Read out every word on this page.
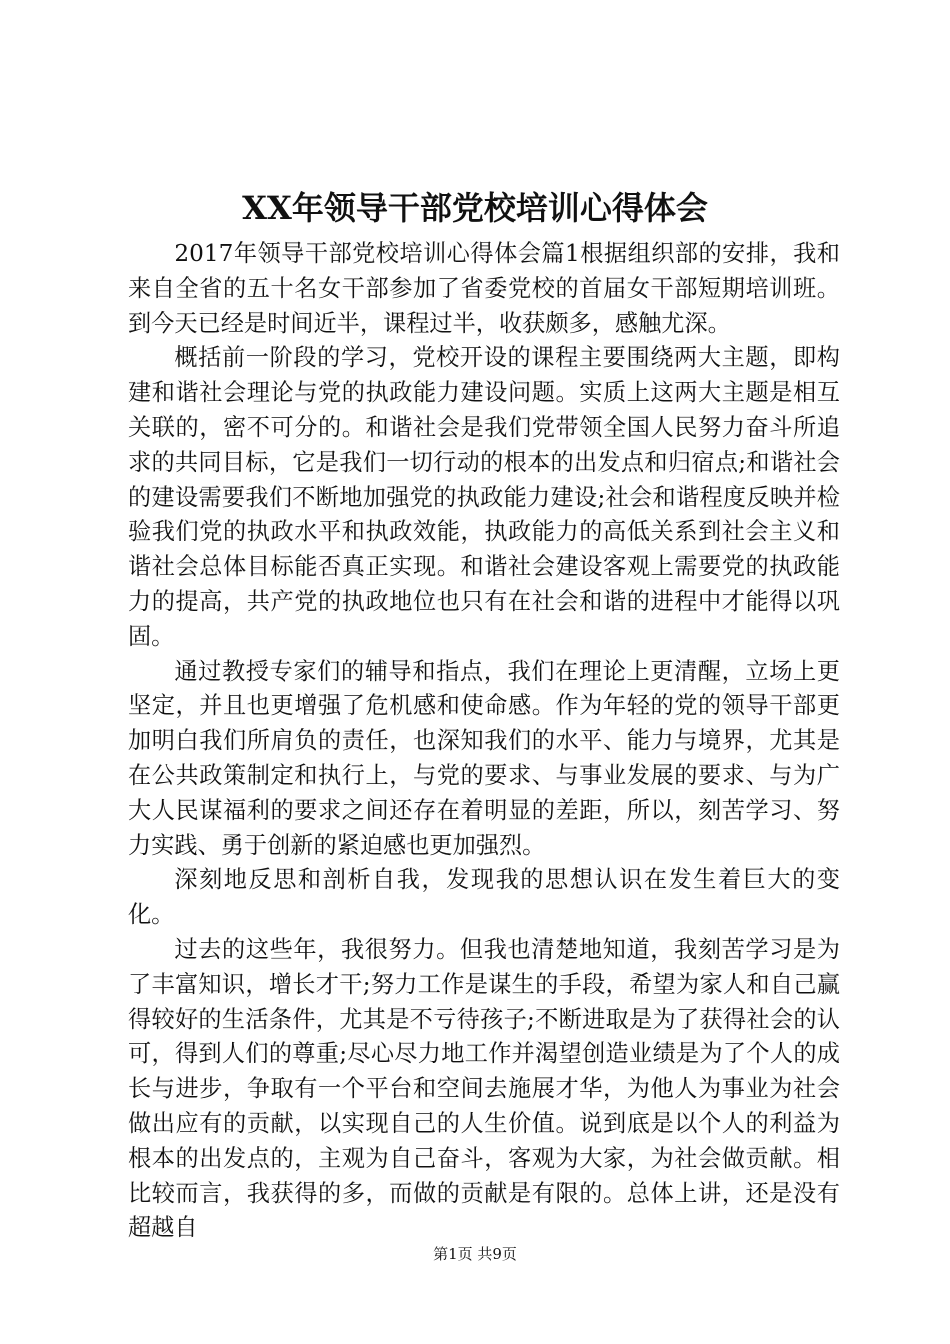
XX年领导干部党校培训心得体会

2017年领导干部党校培训心得体会篇1根据组织部的安排，我和来自全省的五十名女干部参加了省委党校的首届女干部短期培训班。到今天已经是时间近半，课程过半，收获颇多，感触尤深。

概括前一阶段的学习，党校开设的课程主要围绕两大主题，即构建和谐社会理论与党的执政能力建设问题。实质上这两大主题是相互关联的，密不可分的。和谐社会是我们党带领全国人民努力奋斗所追求的共同目标，它是我们一切行动的根本的出发点和归宿点;和谐社会的建设需要我们不断地加强党的执政能力建设;社会和谐程度反映并检验我们党的执政水平和执政效能，执政能力的高低关系到社会主义和谐社会总体目标能否真正实现。和谐社会建设客观上需要党的执政能力的提高，共产党的执政地位也只有在社会和谐的进程中才能得以巩固。

通过教授专家们的辅导和指点，我们在理论上更清醒，立场上更坚定，并且也更增强了危机感和使命感。作为年轻的党的领导干部更加明白我们所肩负的责任，也深知我们的水平、能力与境界，尤其是在公共政策制定和执行上，与党的要求、与事业发展的要求、与为广大人民谋福利的要求之间还存在着明显的差距，所以，刻苦学习、努力实践、勇于创新的紧迫感也更加强烈。

深刻地反思和剖析自我，发现我的思想认识在发生着巨大的变化。

过去的这些年，我很努力。但我也清楚地知道，我刻苦学习是为了丰富知识，增长才干;努力工作是谋生的手段，希望为家人和自己赢得较好的生活条件，尤其是不亏待孩子;不断进取是为了获得社会的认可，得到人们的尊重;尽心尽力地工作并渴望创造业绩是为了个人的成长与进步，争取有一个平台和空间去施展才华，为他人为事业为社会做出应有的贡献，以实现自己的人生价值。说到底是以个人的利益为根本的出发点的，主观为自己奋斗，客观为大家，为社会做贡献。相比较而言，我获得的多，而做的贡献是有限的。总体上讲，还是没有超越自

第1页 共9页
